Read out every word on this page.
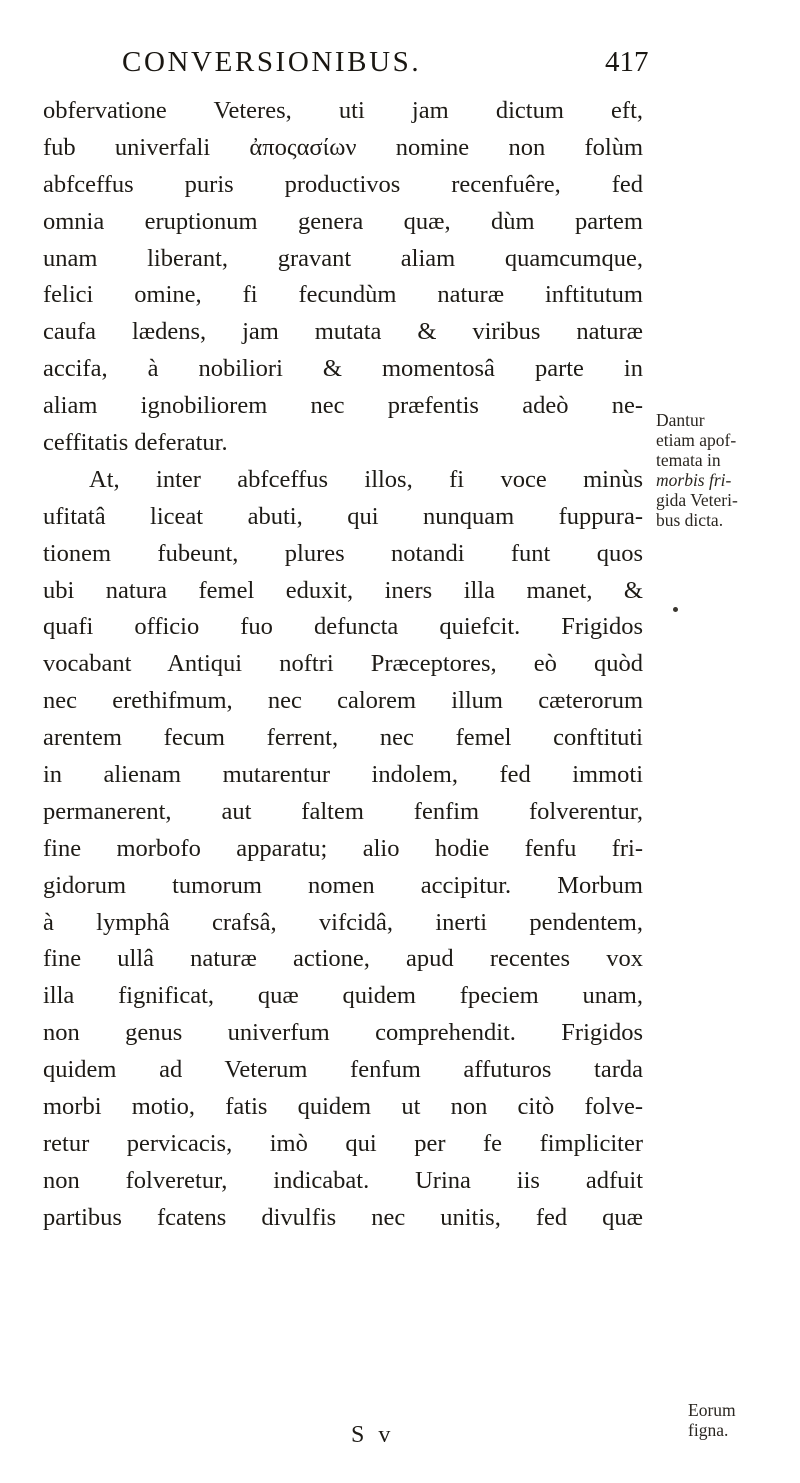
CONVERSIONIBUS.	417
obfervatione Veteres, uti jam dictum eft,
fub univerfali ἀποςασίων nomine non folùm
abfceffus puris productivos recenfuêre, fed
omnia eruptionum genera quæ, dùm partem
unam liberant, gravant aliam quamcumque,
felici omine, fi fecundùm naturæ inftitutum
caufa lædens, jam mutata & viribus naturæ
accifa, à nobiliori & momentosâ parte in
aliam ignobiliorem nec præfentis adeò ne-
ceffitatis deferatur.
At, inter abfceffus illos, fi voce minùs
ufitatâ liceat abuti, qui nunquam fuppura-
tionem fubeunt, plures notandi funt quos
ubi natura femel eduxit, iners illa manet, &
quafi officio fuo defuncta quiefcit. Frigidos
vocabant Antiqui noftri Præceptores, eò quòd
nec erethifmum, nec calorem illum cæterorum
arentem fecum ferrent, nec femel conftituti
in alienam mutarentur indolem, fed immoti
permanerent, aut faltem fenfim folverentur,
fine morbofo apparatu; alio hodie fenfu fri-
gidorum tumorum nomen accipitur. Morbum
à lymphâ crafsâ, vifcidâ, inerti pendentem,
fine ullâ naturæ actione, apud recentes vox
illa fignificat, quæ quidem fpeciem unam,
non genus univerfum comprehendit. Frigidos
quidem ad Veterum fenfum affuturos tarda
morbi motio, fatis quidem ut non citò folve-
retur pervicacis, imò qui per fe fimpliciter
non folveretur, indicabat. Urina iis adfuit
partibus fcatens divulfis nec unitis, fed quæ
Dantur
etiam apof-
temata in
morbis fri-
gida Veteri-
bus dicta.
Eorum
figna.
S v
